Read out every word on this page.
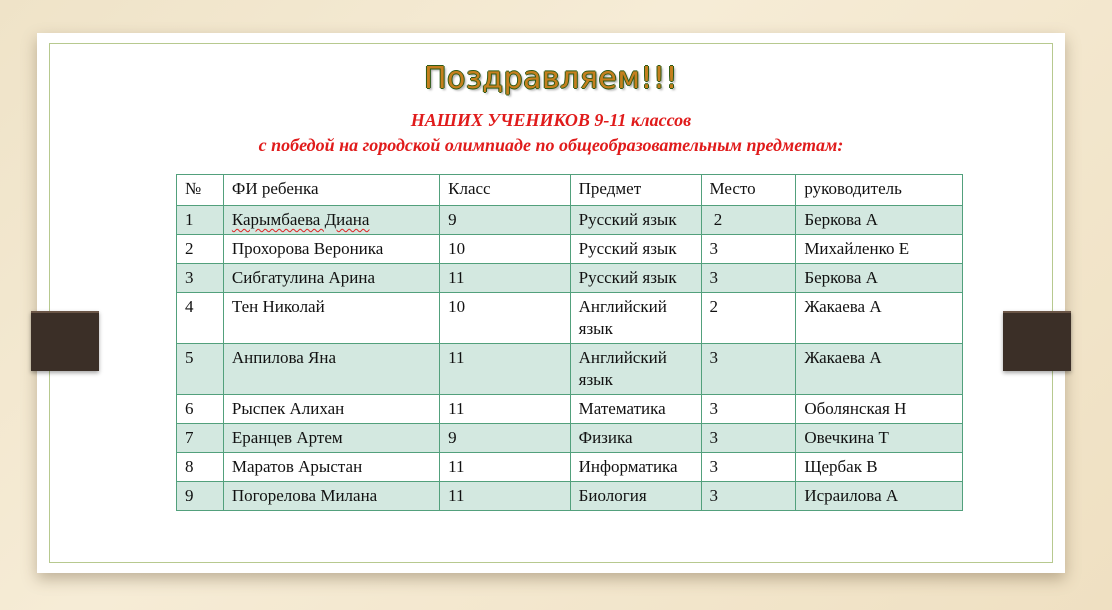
Поздравляем!!!
НАШИХ УЧЕНИКОВ 9-11 классов
с победой на городской олимпиаде по общеобразовательным предметам:
№	ФИ ребенка	Класс	Предмет	Место	руководитель
1	Карымбаева Диана	9	Русский язык	2	Беркова А
2	Прохорова Вероника	10	Русский язык	3	Михайленко Е
3	Сибгатулина Арина	11	Русский язык	3	Беркова А
4	Тен Николай	10	Английский язык	2	Жакаева А
5	Анпилова Яна	11	Английский язык	3	Жакаева А
6	Рыспек Алихан	11	Математика	3	Оболянская Н
7	Еранцев Артем	9	Физика	3	Овечкина Т
8	Маратов Арыстан	11	Информатика	3	Щербак В
9	Погорелова Милана	11	Биология	3	Исраилова А
